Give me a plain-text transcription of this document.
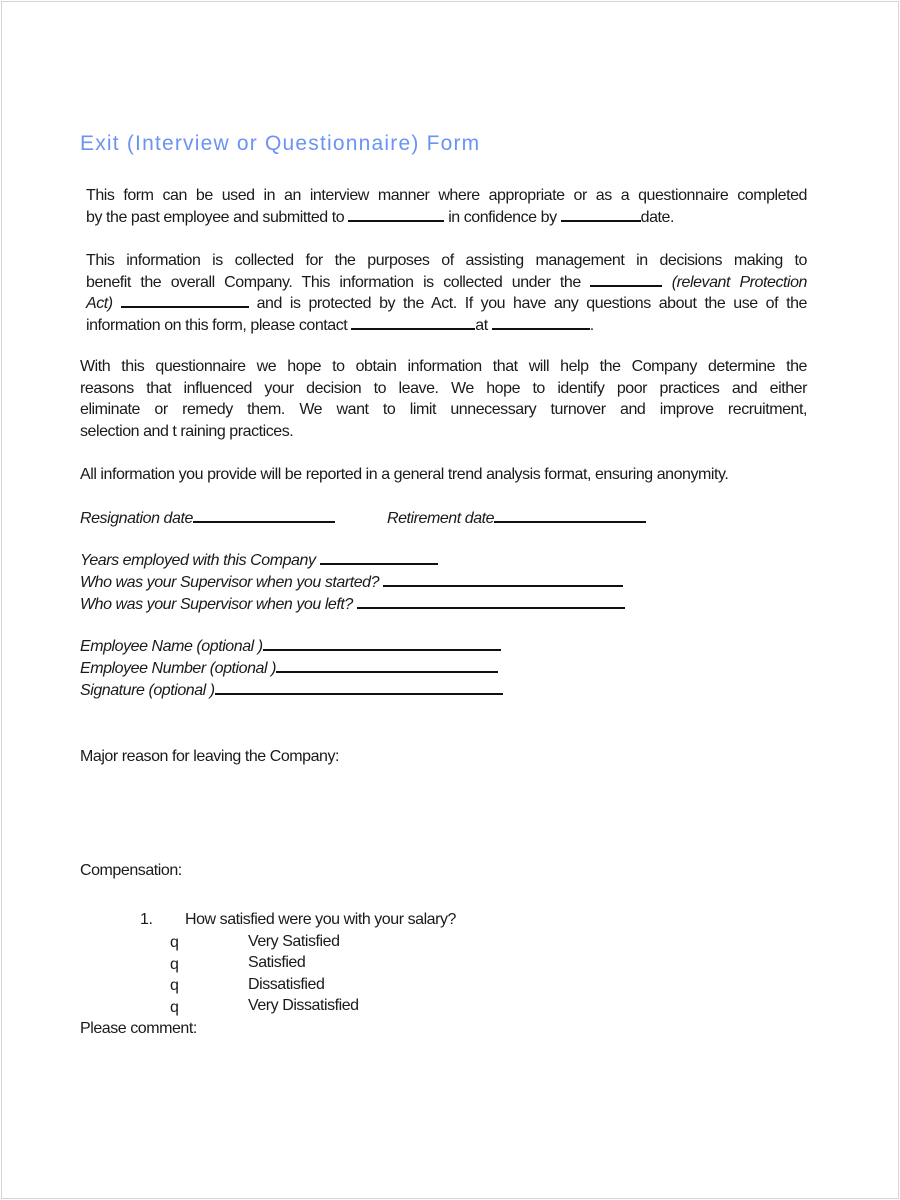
Exit (Interview or Questionnaire) Form
This form can be used in an interview manner where appropriate or as a questionnaire completed
by the past employee and submitted to	in confidence by	date.
This information is collected for the purposes of assisting management in decisions making to
benefit the overall Company. This information is collected under the	(relevant Protection
Act)	and is protected by the Act. If you have any questions about the use of the
information on this form, please contact	at	.
With this questionnaire we hope to obtain information that will help the Company determine the
reasons that influenced your decision to leave. We hope to identify poor practices and either
eliminate or remedy them. We want to limit unnecessary turnover and improve recruitment,
selection and t raining practices.
All information you provide will be reported in a general trend analysis format, ensuring anonymity.
Resignation date	Retirement date
Years employed with this Company
Who was your Supervisor when you started?
Who was your Supervisor when you left?
Employee Name (optional )
Employee Number (optional )
Signature (optional )
Major reason for leaving the Company:
Compensation:
1. How satisfied were you with your salary?
q	Very Satisfied
q	Satisfied
q	Dissatisfied
q	Very Dissatisfied
Please comment:
